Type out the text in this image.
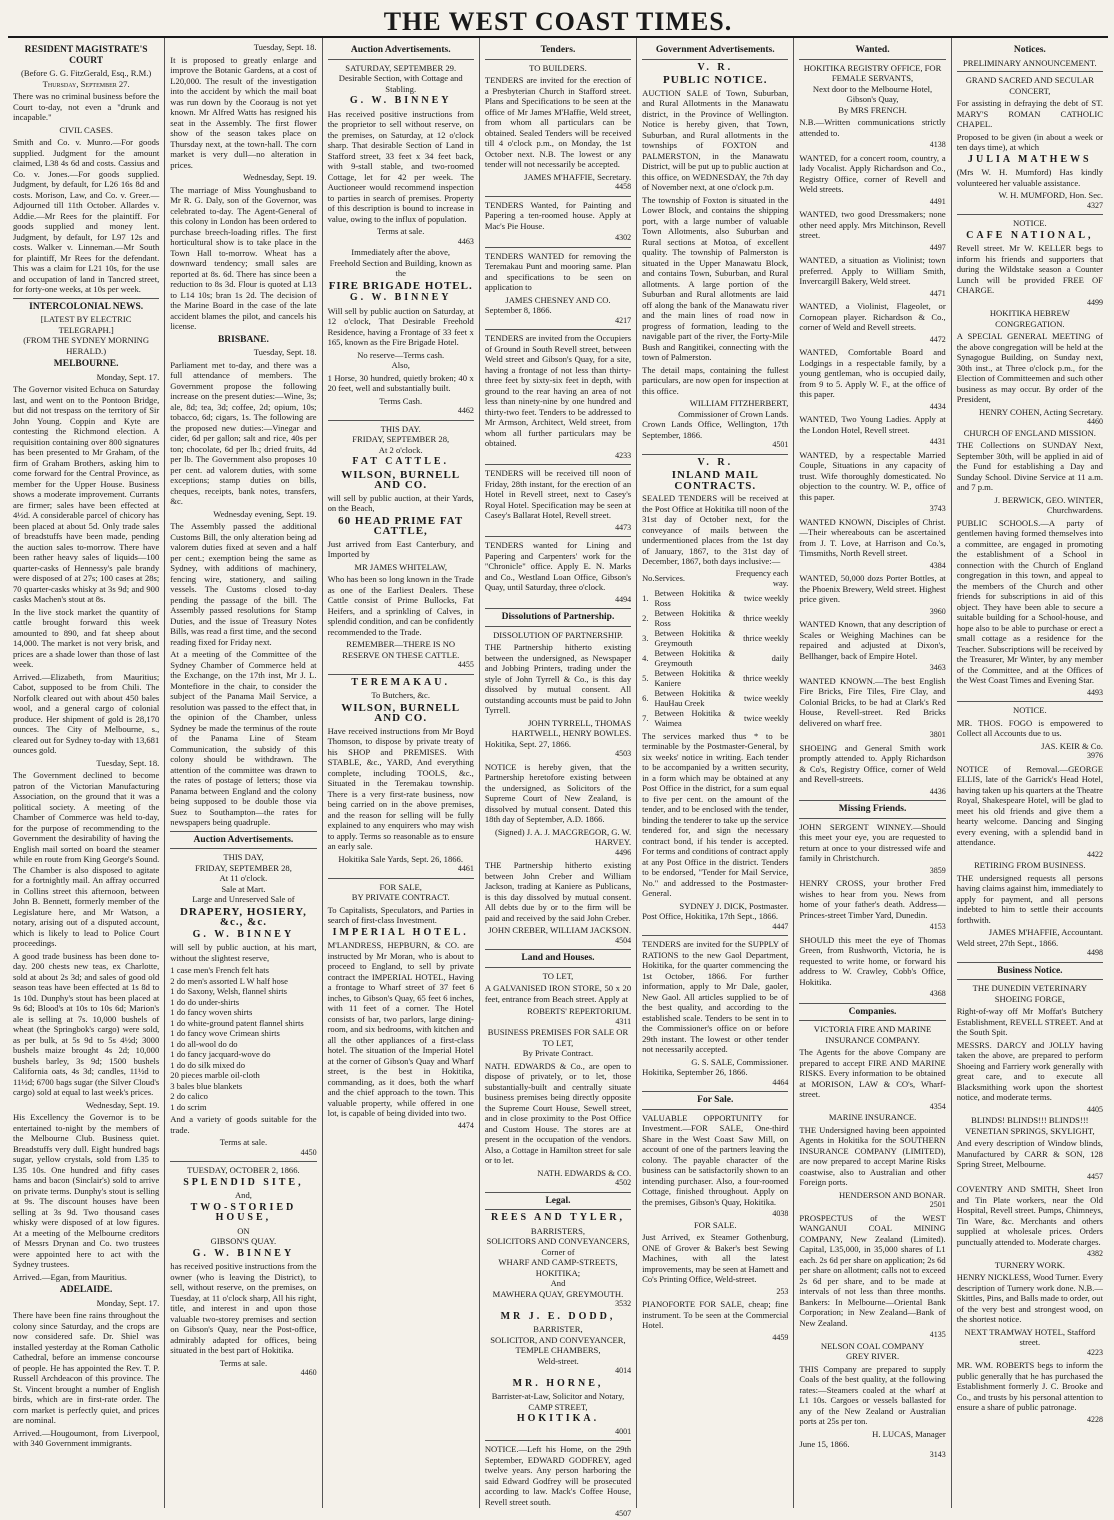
THE WEST COAST TIMES.
RESIDENT MAGISTRATE'S COURT
(Before G. G. FitzGerald, Esq., R.M.)
Thursday, September 27.

There was no criminal business before the Court to-day, not even a "drunk and incapable."

CIVIL CASES.

Smith and Co. v. Munro.—For goods supplied. Judgment for the amount claimed, L38 4s 6d and costs. Cassius and Co. v. Jones.—For goods supplied. Judgment, by default, for L26 16s 8d and costs. Morison, Law, and Co. v. Greer.—Adjourned till 11th October. Allardes v. Addie.—Mr Rees for the plaintiff. For goods supplied and money lent. Judgment, by default, for L97 12s and costs. Walker v. Linneman.—Mr South for plaintiff, Mr Rees for the defendant. This was a claim for L21 10s, for the use and occupation of land in Tancred street, for forty-one weeks, at 10s per week.

INTERCOLONIAL NEWS.
[LATEST BY ELECTRIC TELEGRAPH.]
(FROM THE SYDNEY MORNING HERALD.)
MELBOURNE.
Monday, Sept. 17.

The Governor visited Echuca on Saturday last, and went on to the Pontoon Bridge, but did not trespass on the territory of Sir John Young. Coppin and Kyte are contesting the Richmond election. A requisition containing over 800 signatures has been presented to Mr Graham, of the firm of Graham Brothers, asking him to come forward for the Central Province, as member for the Upper House. Business shows a moderate improvement. Currants are firmer; sales have been effected at 4½d. A considerable parcel of chicory has been placed at about 5d. Only trade sales of breadstuffs have been made, pending the auction sales to-morrow. There have been rather heavy sales of liquids—100 quarter-casks of Hennessy's pale brandy were disposed of at 27s; 100 cases at 28s; 70 quarter-casks whisky at 3s 9d; and 900 casks Machen's stout at 8s.

In the live stock market the quantity of cattle brought forward this week amounted to 890, and fat sheep about 14,000. The market is not very brisk, and prices are a shade lower than those of last week.

Arrived.—Elizabeth, from Mauritius; Cabot, supposed to be from Chili. The Norfolk cleared out with about 450 bales wool, and a general cargo of colonial produce. Her shipment of gold is 28,170 ounces. The City of Melbourne, s., cleared out for Sydney to-day with 13,681 ounces gold.

Tuesday, Sept. 18.

The Government declined to become patron of the Victorian Manufacturing Association, on the ground that it was a political society. A meeting of the Chamber of Commerce was held to-day, for the purpose of recommending to the Government the desirability of having the English mail sorted on board the steamer while en route from King George's Sound. The Chamber is also disposed to agitate for a fortnightly mail. An affray occurred in Collins street this afternoon, between John B. Bennett, formerly member of the Legislature here, and Mr Watson, a notary, arising out of a disputed account, which is likely to lead to Police Court proceedings.

A good trade business has been done to-day. 200 chests new teas, ex Charlotte, sold at about 2s 3d; and sales of good old season teas have been effected at 1s 8d to 1s 10d. Dunphy's stout has been placed at 9s 6d; Blood's at 10s to 10s 6d; Marion's ale is selling at 7s. 10,000 bushels of wheat (the Springbok's cargo) were sold, as per bulk, at 5s 9d to 5s 4½d; 3000 bushels maize brought 4s 2d; 10,000 bushels barley, 3s 9d; 1500 bushels California oats, 4s 3d; candles, 11½d to 11½d; 6700 bags sugar (the Silver Cloud's cargo) sold at equal to last week's prices.

Wednesday, Sept. 19.

His Excellency the Governor is to be entertained to-night by the members of the Melbourne Club. Business quiet. Breadstuffs very dull. Eight hundred bags sugar, yellow crystals, sold from L35 to L35 10s. One hundred and fifty cases hams and bacon (Sinclair's) sold to arrive on private terms. Dunphy's stout is selling at 9s. The discount houses have been selling at 3s 9d. Two thousand cases whisky were disposed of at low figures. At a meeting of the Melbourne creditors of Messrs Drynan and Co. two trustees were appointed here to act with the Sydney trustees.

Arrived.—Egan, from Mauritius.

ADELAIDE.
Monday, Sept. 17.

There have been fine rains throughout the colony since Saturday, and the crops are now considered safe. Dr. Shiel was installed yesterday at the Roman Catholic Cathedral, before an immense concourse of people. He has appointed the Rev. T. P. Russell Archdeacon of this province. The St. Vincent brought a number of English birds, which are in first-rate order. The corn market is perfectly quiet, and prices are nominal.

Arrived.—Hougoumont, from Liverpool, with 340 Government immigrants.

Tuesday, Sept. 18.

It is proposed to greatly enlarge and improve the Botanic Gardens, at a cost of L20,000. The result of the investigation into the accident by which the mail boat was run down by the Cooraug is not yet known. Mr Alfred Watts has resigned his seat in the Assembly. The first flower show of the season takes place on Thursday next, at the town-hall. The corn market is very dull—no alteration in prices.

Wednesday, Sept. 19.

The marriage of Miss Younghusband to Mr R. G. Daly, son of the Governor, was celebrated to-day. The Agent-General of this colony in London has been ordered to purchase breech-loading rifles. The first horticultural show is to take place in the Town Hall to-morrow. Wheat has a downward tendency; small sales are reported at 8s. 6d. There has since been a reduction to 8s 3d. Flour is quoted at L13 to L14 10s; bran 1s 2d. The decision of the Marine Board in the case of the late accident blames the pilot, and cancels his license.

BRISBANE.
Tuesday, Sept. 18.

Parliament met to-day, and there was a full attendance of members. The Government propose the following increase on the present duties:—Wine, 3s; ale, 8d; tea, 3d; coffee, 2d; opium, 10s; tobacco, 6d; cigars, 1s. The following are the proposed new duties:—Vinegar and cider, 6d per gallon; salt and rice, 40s per ton; chocolate, 6d per lb.; dried fruits, 4d per lb. The Government also proposes 10 per cent. ad valorem duties, with some exceptions; stamp duties on bills, cheques, receipts, bank notes, transfers, &c.

Wednesday evening, Sept. 19.

The Assembly passed the additional Customs Bill, the only alteration being ad valorem duties fixed at seven and a half per cent.; exemption being the same as Sydney, with additions of machinery, fencing wire, stationery, and sailing vessels. The Customs closed to-day pending the passage of the bill. The Assembly passed resolutions for Stamp Duties, and the issue of Treasury Notes Bills, was read a first time, and the second reading fixed for Friday next.

At a meeting of the Committee of the Sydney Chamber of Commerce held at the Exchange, on the 17th inst, Mr J. L. Montefiore in the chair, to consider the subject of the Panama Mail Service, a resolution was passed to the effect that, in the opinion of the Chamber, unless Sydney be made the terminus of the route of the Panama Line of Steam Communication, the subsidy of this colony should be withdrawn. The attention of the committee was drawn to the rates of postage of letters; those via Panama between England and the colony being supposed to be double those via Suez to Southampton—the rates for newspapers being quadruple.

Auction Advertisements.
THIS DAY,
FRIDAY, SEPTEMBER 28,
At 11 o'clock.
Sale at Mart.
Large and Unreserved Sale of
DRAPERY, HOSIERY, &c., &c.
G. W. BINNEY

will sell by public auction, at his mart, without the slightest reserve,

1 case men's French felt hats
2 do men's assorted L W half hose
1 do Saxony, Welsh, flannel shirts
1 do do under-shirts
1 do fancy woven shirts
1 do white-ground patent flannel shirts
1 do fancy wove Crimean shirts
1 do all-wool do do
1 do fancy jacquard-wove do
1 do do silk mixed do
20 pieces marble oil-cloth
3 bales blue blankets
2 do calico
1 do scrim

And a variety of goods suitable for the trade.

Terms at sale.
4450
TUESDAY, OCTOBER 2, 1866.
SPLENDID SITE,
And,
TWO-STORIED HOUSE,
ON
GIBSON'S QUAY.
G. W. BINNEY

has received positive instructions from the owner (who is leaving the District), to sell, without reserve, on the premises, on Tuesday, at 11 o'clock sharp, All his right, title, and interest in and upon those valuable two-storey premises and section on Gibson's Quay, near the Post-office, admirably adapted for offices, being situated in the best part of Hokitika.

Terms at sale.
4460
Auction Advertisements.
SATURDAY, SEPTEMBER 29.
Desirable Section, with Cottage and Stabling.
G. W. BINNEY

Has received positive instructions from the proprietor to sell without reserve, on the premises, on Saturday, at 12 o'clock sharp. That desirable Section of Land in Stafford street, 33 feet x 34 feet back, with 9-stall stable, and two-roomed Cottage, let for 42 per week. The Auctioneer would recommend inspection to parties in search of premises. Property of this description is bound to increase in value, owing to the influx of population.

Terms at sale.
4463
Immediately after the above,
Freehold Section and Building, known as the
FIRE BRIGADE HOTEL.
G. W. BINNEY

Will sell by public auction on Saturday, at 12 o'clock, That Desirable Freehold Residence, having a Frontage of 33 feet x 165, known as the Fire Brigade Hotel.

No reserve—Terms cash.
Also,

1 Horse, 30 hundred, quietly broken; 40 x 20 feet, well and substantially built.

Terms Cash.
4462
THIS DAY.
FRIDAY, SEPTEMBER 28,
At 2 o'clock.
FAT CATTLE.
WILSON, BURNELL AND CO.

will sell by public auction, at their Yards, on the Beach,

60 HEAD PRIME FAT CATTLE,

Just arrived from East Canterbury, and Imported by

MR JAMES WHITELAW,

Who has been so long known in the Trade as one of the Earliest Dealers. These Cattle consist of Prime Bullocks, Fat Heifers, and a sprinkling of Calves, in splendid condition, and can be confidently recommended to the Trade.

REMEMBER—THERE IS NO RESERVE ON THESE CATTLE.
4455
TEREMAKAU.
To Butchers, &c.
WILSON, BURNELL AND CO.

Have received instructions from Mr Boyd Thomson, to dispose by private treaty of his SHOP and PREMISES. With STABLE, &c., YARD, And everything complete, including TOOLS, &c., Situated in the Teremakau township. There is a very first-rate business, now being carried on in the above premises, and the reason for selling will be fully explained to any enquirers who may wish to apply. Terms so reasonable as to ensure an early sale.

Hokitika Sale Yards, Sept. 26, 1866.
4461
FOR SALE,
BY PRIVATE CONTRACT.

To Capitalists, Speculators, and Parties in search of first-class Investment.

IMPERIAL HOTEL.

M'LANDRESS, HEPBURN, & CO. are instructed by Mr Moran, who is about to proceed to England, to sell by private contract the IMPERIAL HOTEL, Having a frontage to Wharf street of 37 feet 6 inches, to Gibson's Quay, 65 feet 6 inches, with 11 feet of a corner. The Hotel consists of bar, two parlors, large dining-room, and six bedrooms, with kitchen and all the other appliances of a first-class hotel. The situation of the Imperial Hotel at the corner of Gibson's Quay and Wharf street, is the best in Hokitika, commanding, as it does, both the wharf and the chief approach to the town. This valuable property, while offered in one lot, is capable of being divided into two.

4474
Tenders.
TO BUILDERS.

TENDERS are invited for the erection of a Presbyterian Church in Stafford street. Plans and Specifications to be seen at the office of Mr James M'Haffie, Weld street, from whom all particulars can be obtained. Sealed Tenders will be received till 4 o'clock p.m., on Monday, the 1st October next. N.B. The lowest or any tender will not necessarily be accepted.

JAMES M'HAFFIE, Secretary.
4458

TENDERS Wanted, for Painting and Papering a ten-roomed house. Apply at Mac's Pie House.

4302

TENDERS WANTED for removing the Teremakau Punt and mooring same. Plan and specifications to be seen on application to

JAMES CHESNEY AND CO.
September 8, 1866.
4217

TENDERS are invited from the Occupiers of Ground in South Revell street, between Weld street and Gibson's Quay, for a site, having a frontage of not less than thirty-three feet by sixty-six feet in depth, with ground to the rear having an area of not less than ninety-nine by one hundred and thirty-two feet. Tenders to be addressed to Mr Armson, Architect, Weld street, from whom all further particulars may be obtained.

4233

TENDERS will be received till noon of Friday, 28th instant, for the erection of an Hotel in Revell street, next to Casey's Royal Hotel. Specification may be seen at Casey's Ballarat Hotel, Revell street.

4473

TENDERS wanted for Lining and Papering and Carpenters' work for the "Chronicle" office. Apply E. N. Marks and Co., Westland Loan Office, Gibson's Quay, until Saturday, three o'clock.

4494
Dissolutions of Partnership.
DISSOLUTION OF PARTNERSHIP.

THE Partnership hitherto existing between the undersigned, as Newspaper and Jobbing Printers, trading under the style of John Tyrrell & Co., is this day dissolved by mutual consent. All outstanding accounts must be paid to John Tyrrell.

JOHN TYRRELL, THOMAS HARTWELL, HENRY BOWLES.
Hokitika, Sept. 27, 1866.
4503

NOTICE is hereby given, that the Partnership heretofore existing between the undersigned, as Solicitors of the Supreme Court of New Zealand, is dissolved by mutual consent. Dated this 18th day of September, A.D. 1866.

(Signed) J. A. J. MACGREGOR, G. W. HARVEY.
4496

THE Partnership hitherto existing between John Creber and William Jackson, trading at Kaniere as Publicans, is this day dissolved by mutual consent. All debts due by or to the firm will be paid and received by the said John Creber.

JOHN CREBER, WILLIAM JACKSON.
4504
Land and Houses.
TO LET,

A GALVANISED IRON STORE, 50 x 20 feet, entrance from Beach street. Apply at

ROBERTS' REPERTORIUM.
4311
BUSINESS PREMISES FOR SALE OR TO LET,
By Private Contract.

NATH. EDWARDS & Co., are open to dispose of privately, or to let, those substantially-built and centrally situate business premises being directly opposite the Supreme Court House, Sewell street, and in close proximity to the Post Office and Custom House. The stores are at present in the occupation of the vendors. Also, a Cottage in Hamilton street for sale or to let.

NATH. EDWARDS & CO.
4502
Legal.
REES AND TYLER,
BARRISTERS,
SOLICITORS AND CONVEYANCERS,
Corner of
WHARF AND CAMP-STREETS, HOKITIKA;
And
MAWHERA QUAY, GREYMOUTH.
3532
MR J. E. DODD,
BARRISTER,
SOLICITOR, AND CONVEYANCER,
TEMPLE CHAMBERS,
Weld-street.
4014
MR. HORNE,
Barrister-at-Law, Solicitor and Notary,
CAMP STREET,
HOKITIKA.
4001

NOTICE.—Left his Home, on the 29th September, EDWARD GODFREY, aged twelve years. Any person harboring the said Edward Godfrey will be prosecuted according to law. Mack's Coffee House, Revell street south.

4507
Government Advertisements.
V. R.
PUBLIC NOTICE.

AUCTION SALE of Town, Suburban, and Rural Allotments in the Manawatu district, in the Province of Wellington. Notice is hereby given, that Town, Suburban, and Rural allotments in the townships of FOXTON and PALMERSTON, in the Manawatu District, will be put up to public auction at this office, on WEDNESDAY, the 7th day of November next, at one o'clock p.m.

The township of Foxton is situated in the Lower Block, and contains the shipping port, with a large number of valuable Town Allotments, also Suburban and Rural sections at Motoa, of excellent quality. The township of Palmerston is situated in the Upper Manawatu Block, and contains Town, Suburban, and Rural allotments. A large portion of the Suburban and Rural allotments are laid off along the bank of the Manawatu river and the main lines of road now in progress of formation, leading to the navigable part of the river, the Forty-Mile Bush and Rangitikei, connecting with the town of Palmerston.

The detail maps, containing the fullest particulars, are now open for inspection at this office.

WILLIAM FITZHERBERT, Commissioner of Crown Lands.
Crown Lands Office, Wellington, 17th September, 1866.
4501
V. R.
INLAND MAIL CONTRACTS.

SEALED TENDERS will be received at the Post Office at Hokitika till noon of the 31st day of October next, for the conveyance of mails between the undermentioned places from the 1st day of January, 1867, to the 31st day of December, 1867, both days inclusive:—

No.	Services.	Frequency each way.
1.	Between Hokitika & Ross	twice weekly
2.	Between Hokitika & Ross	thrice weekly
3.	Between Hokitika & Greymouth	thrice weekly
4.	Between Hokitika & Greymouth	daily
5.	Between Hokitika & Kaniere	thrice weekly
6.	Between Hokitika & HauHau Creek	twice weekly
7.	Between Hokitika & Waimea	twice weekly

The services marked thus * to be terminable by the Postmaster-General, by six weeks' notice in writing. Each tender to be accompanied by a written security, in a form which may be obtained at any Post Office in the district, for a sum equal to five per cent. on the amount of the tender, and to be enclosed with the tender, binding the tenderer to take up the service tendered for, and sign the necessary contract bond, if his tender is accepted. For terms and conditions of contract apply at any Post Office in the district. Tenders to be endorsed, "Tender for Mail Service, No." and addressed to the Postmaster-General.

SYDNEY J. DICK, Postmaster.
Post Office, Hokitika, 17th Sept., 1866.
4447

TENDERS are invited for the SUPPLY of RATIONS to the new Gaol Department, Hokitika, for the quarter commencing the 1st October, 1866. For further information, apply to Mr Dale, gaoler, New Gaol. All articles supplied to be of the best quality, and according to the established scale. Tenders to be sent in to the Commissioner's office on or before 29th instant. The lowest or other tender not necessarily accepted.

G. S. SALE, Commissioner.
Hokitika, September 26, 1866.
4464
For Sale.

VALUABLE OPPORTUNITY for Investment.—FOR SALE, One-third Share in the West Coast Saw Mill, on account of one of the partners leaving the colony. The payable character of the business can be satisfactorily shown to an intending purchaser. Also, a four-roomed Cottage, finished throughout. Apply on the premises, Gibson's Quay, Hokitika.

4038
FOR SALE.

Just Arrived, ex Steamer Gothenburg, ONE of Grover & Baker's best Sewing Machines, with all the latest improvements, may be seen at Hamett and Co's Printing Office, Weld-street.

253

PIANOFORTE FOR SALE, cheap; fine instrument. To be seen at the Commercial Hotel.

4459
Wanted.
HOKITIKA REGISTRY OFFICE, FOR FEMALE SERVANTS,
Next door to the Melbourne Hotel, Gibson's Quay,
By MRS FRENCH.

N.B.—Written communications strictly attended to.

4138

WANTED, for a concert room, country, a lady Vocalist. Apply Richardson and Co., Registry Office, corner of Revell and Weld streets.

4491

WANTED, two good Dressmakers; none other need apply. Mrs Mitchinson, Revell street.

4497

WANTED, a situation as Violinist; town preferred. Apply to William Smith, Invercargill Bakery, Weld street.

4471

WANTED, a Violinist, Flageolet, or Cornopean player. Richardson & Co., corner of Weld and Revell streets.

4472

WANTED, Comfortable Board and Lodgings in a respectable family, by a young gentleman, who is occupied daily, from 9 to 5. Apply W. F., at the office of this paper.

4434

WANTED, Two Young Ladies. Apply at the London Hotel, Revell street.

4431

WANTED, by a respectable Married Couple, Situations in any capacity of trust. Wife thoroughly domesticated. No objection to the country. W. P., office of this paper.

3743

WANTED KNOWN, Disciples of Christ.—Their whereabouts can be ascertained from J. T. Love, at Harrison and Co.'s, Timsmiths, North Revell street.

4384

WANTED, 50,000 dozs Porter Bottles, at the Phoenix Brewery, Weld street. Highest price given.

3960

WANTED Known, that any description of Scales or Weighing Machines can be repaired and adjusted at Dixon's, Bellhanger, back of Empire Hotel.

3463

WANTED KNOWN.—The best English Fire Bricks, Fire Tiles, Fire Clay, and Colonial Bricks, to be had at Clark's Red House, Revell-street. Red Bricks delivered on wharf free.

3801

SHOEING and General Smith work promptly attended to. Apply Richardson & Co's, Registry Office, corner of Weld and Revell-streets.

4436
Missing Friends.

JOHN SERGENT WINNEY.—Should this meet your eye, you are requested to return at once to your distressed wife and family in Christchurch.

3859

HENRY CROSS, your brother Fred wishes to hear from you. News from home of your father's death. Address—Princes-street Timber Yard, Dunedin.

4153

SHOULD this meet the eye of Thomas Green, from Rushworth, Victoria, he is requested to write home, or forward his address to W. Crawley, Cobb's Office, Hokitika.

4368
Companies.
VICTORIA FIRE AND MARINE INSURANCE COMPANY.

The Agents for the above Company are prepared to accept FIRE AND MARINE RISKS. Every information to be obtained at MORISON, LAW & CO's, Wharf-street.

4354
MARINE INSURANCE.

THE Undersigned having been appointed Agents in Hokitika for the SOUTHERN INSURANCE COMPANY (LIMITED), are now prepared to accept Marine Risks coastwise, also to Australian and other Foreign ports.

HENDERSON AND BONAR.
2501

PROSPECTUS of the WEST WANGANUI COAL MINING COMPANY, New Zealand (Limited). Capital, L35,000, in 35,000 shares of L1 each. 2s 6d per share on application; 2s 6d per share on allotment; calls not to exceed 2s 6d per share, and to be made at intervals of not less than three months. Bankers: In Melbourne—Oriental Bank Corporation; in New Zealand—Bank of New Zealand.

4135
NELSON COAL COMPANY
GREY RIVER.

THIS Company are prepared to supply Coals of the best quality, at the following rates:—Steamers coaled at the wharf at L1 10s. Cargoes or vessels ballasted for any of the New Zealand or Australian ports at 25s per ton.

H. LUCAS, Manager
June 15, 1866.
3143
Notices.
PRELIMINARY ANNOUNCEMENT.
GRAND SACRED AND SECULAR CONCERT,

For assisting in defraying the debt of ST. MARY'S ROMAN CATHOLIC CHAPEL.

Proposed to be given (in about a week or ten days time), at which

JULIA MATHEWS

(Mrs W. H. Mumford) Has kindly volunteered her valuable assistance.

W. H. MUMFORD, Hon. Sec.
4327
NOTICE.
CAFE NATIONAL,

Revell street. Mr W. KELLER begs to inform his friends and supporters that during the Wildstake season a Counter Lunch will be provided FREE OF CHARGE.

4499
HOKITIKA HEBREW CONGREGATION.

A SPECIAL GENERAL MEETING of the above congregation will be held at the Synagogue Building, on Sunday next, 30th inst., at Three o'clock p.m., for the Election of Committeemen and such other business as may occur. By order of the President,

HENRY COHEN, Acting Secretary.
4460
CHURCH OF ENGLAND MISSION.

THE Collections on SUNDAY Next, September 30th, will be applied in aid of the Fund for establishing a Day and Sunday School. Divine Service at 11 a.m. and 7 p.m.

J. BERWICK, GEO. WINTER, Churchwardens.

PUBLIC SCHOOLS.—A party of gentlemen having formed themselves into a committee, are engaged in promoting the establishment of a School in connection with the Church of England congregation in this town, and appeal to the members of the Church and other friends for subscriptions in aid of this object. They have been able to secure a suitable building for a School-house, and hope also to be able to purchase or erect a small cottage as a residence for the Teacher. Subscriptions will be received by the Treasurer, Mr Winter, by any member of the Committee, and at the Offices of the West Coast Times and Evening Star.

4493
NOTICE.

MR. THOS. FOGO is empowered to Collect all Accounts due to us.

JAS. KEIR & Co.
3976

NOTICE of Removal.—GEORGE ELLIS, late of the Garrick's Head Hotel, having taken up his quarters at the Theatre Royal, Shakespeare Hotel, will be glad to meet his old friends and give them a hearty welcome. Dancing and Singing every evening, with a splendid band in attendance.

4422
RETIRING FROM BUSINESS.

THE undersigned requests all persons having claims against him, immediately to apply for payment, and all persons indebted to him to settle their accounts forthwith.

JAMES M'HAFFIE, Accountant.
Weld street, 27th Sept., 1866.
4498
Business Notice.
THE DUNEDIN VETERINARY SHOEING FORGE,

Right-of-way off Mr Moffat's Butchery Establishment, REVELL STREET. And at the South Spit.

MESSRS. DARCY and JOLLY having taken the above, are prepared to perform Shoeing and Farriery work generally with great care, and to execute all Blacksmithing work upon the shortest notice, and moderate terms.

4405
BLINDS! BLINDS!!! BLINDS!!!
VENETIAN SPRINGS, SKYLIGHT,

And every description of Window blinds, Manufactured by CARR & SON, 128 Spring Street, Melbourne.

4457

COVENTRY AND SMITH, Sheet Iron and Tin Plate workers, near the Old Hospital, Revell street. Pumps, Chimneys, Tin Ware, &c. Merchants and others supplied at wholesale prices. Orders punctually attended to. Moderate charges.

4382
TURNERY WORK.

HENRY NICKLESS, Wood Turner. Every description of Turnery work done. N.B.—Skittles, Pins, and Balls made to order, out of the very best and strongest wood, on the shortest notice.

NEXT TRAMWAY HOTEL, Stafford street.
4223

MR. WM. ROBERTS begs to inform the public generally that he has purchased the Establishment formerly J. C. Brooke and Co., and trusts by his personal attention to ensure a share of public patronage.

4228
